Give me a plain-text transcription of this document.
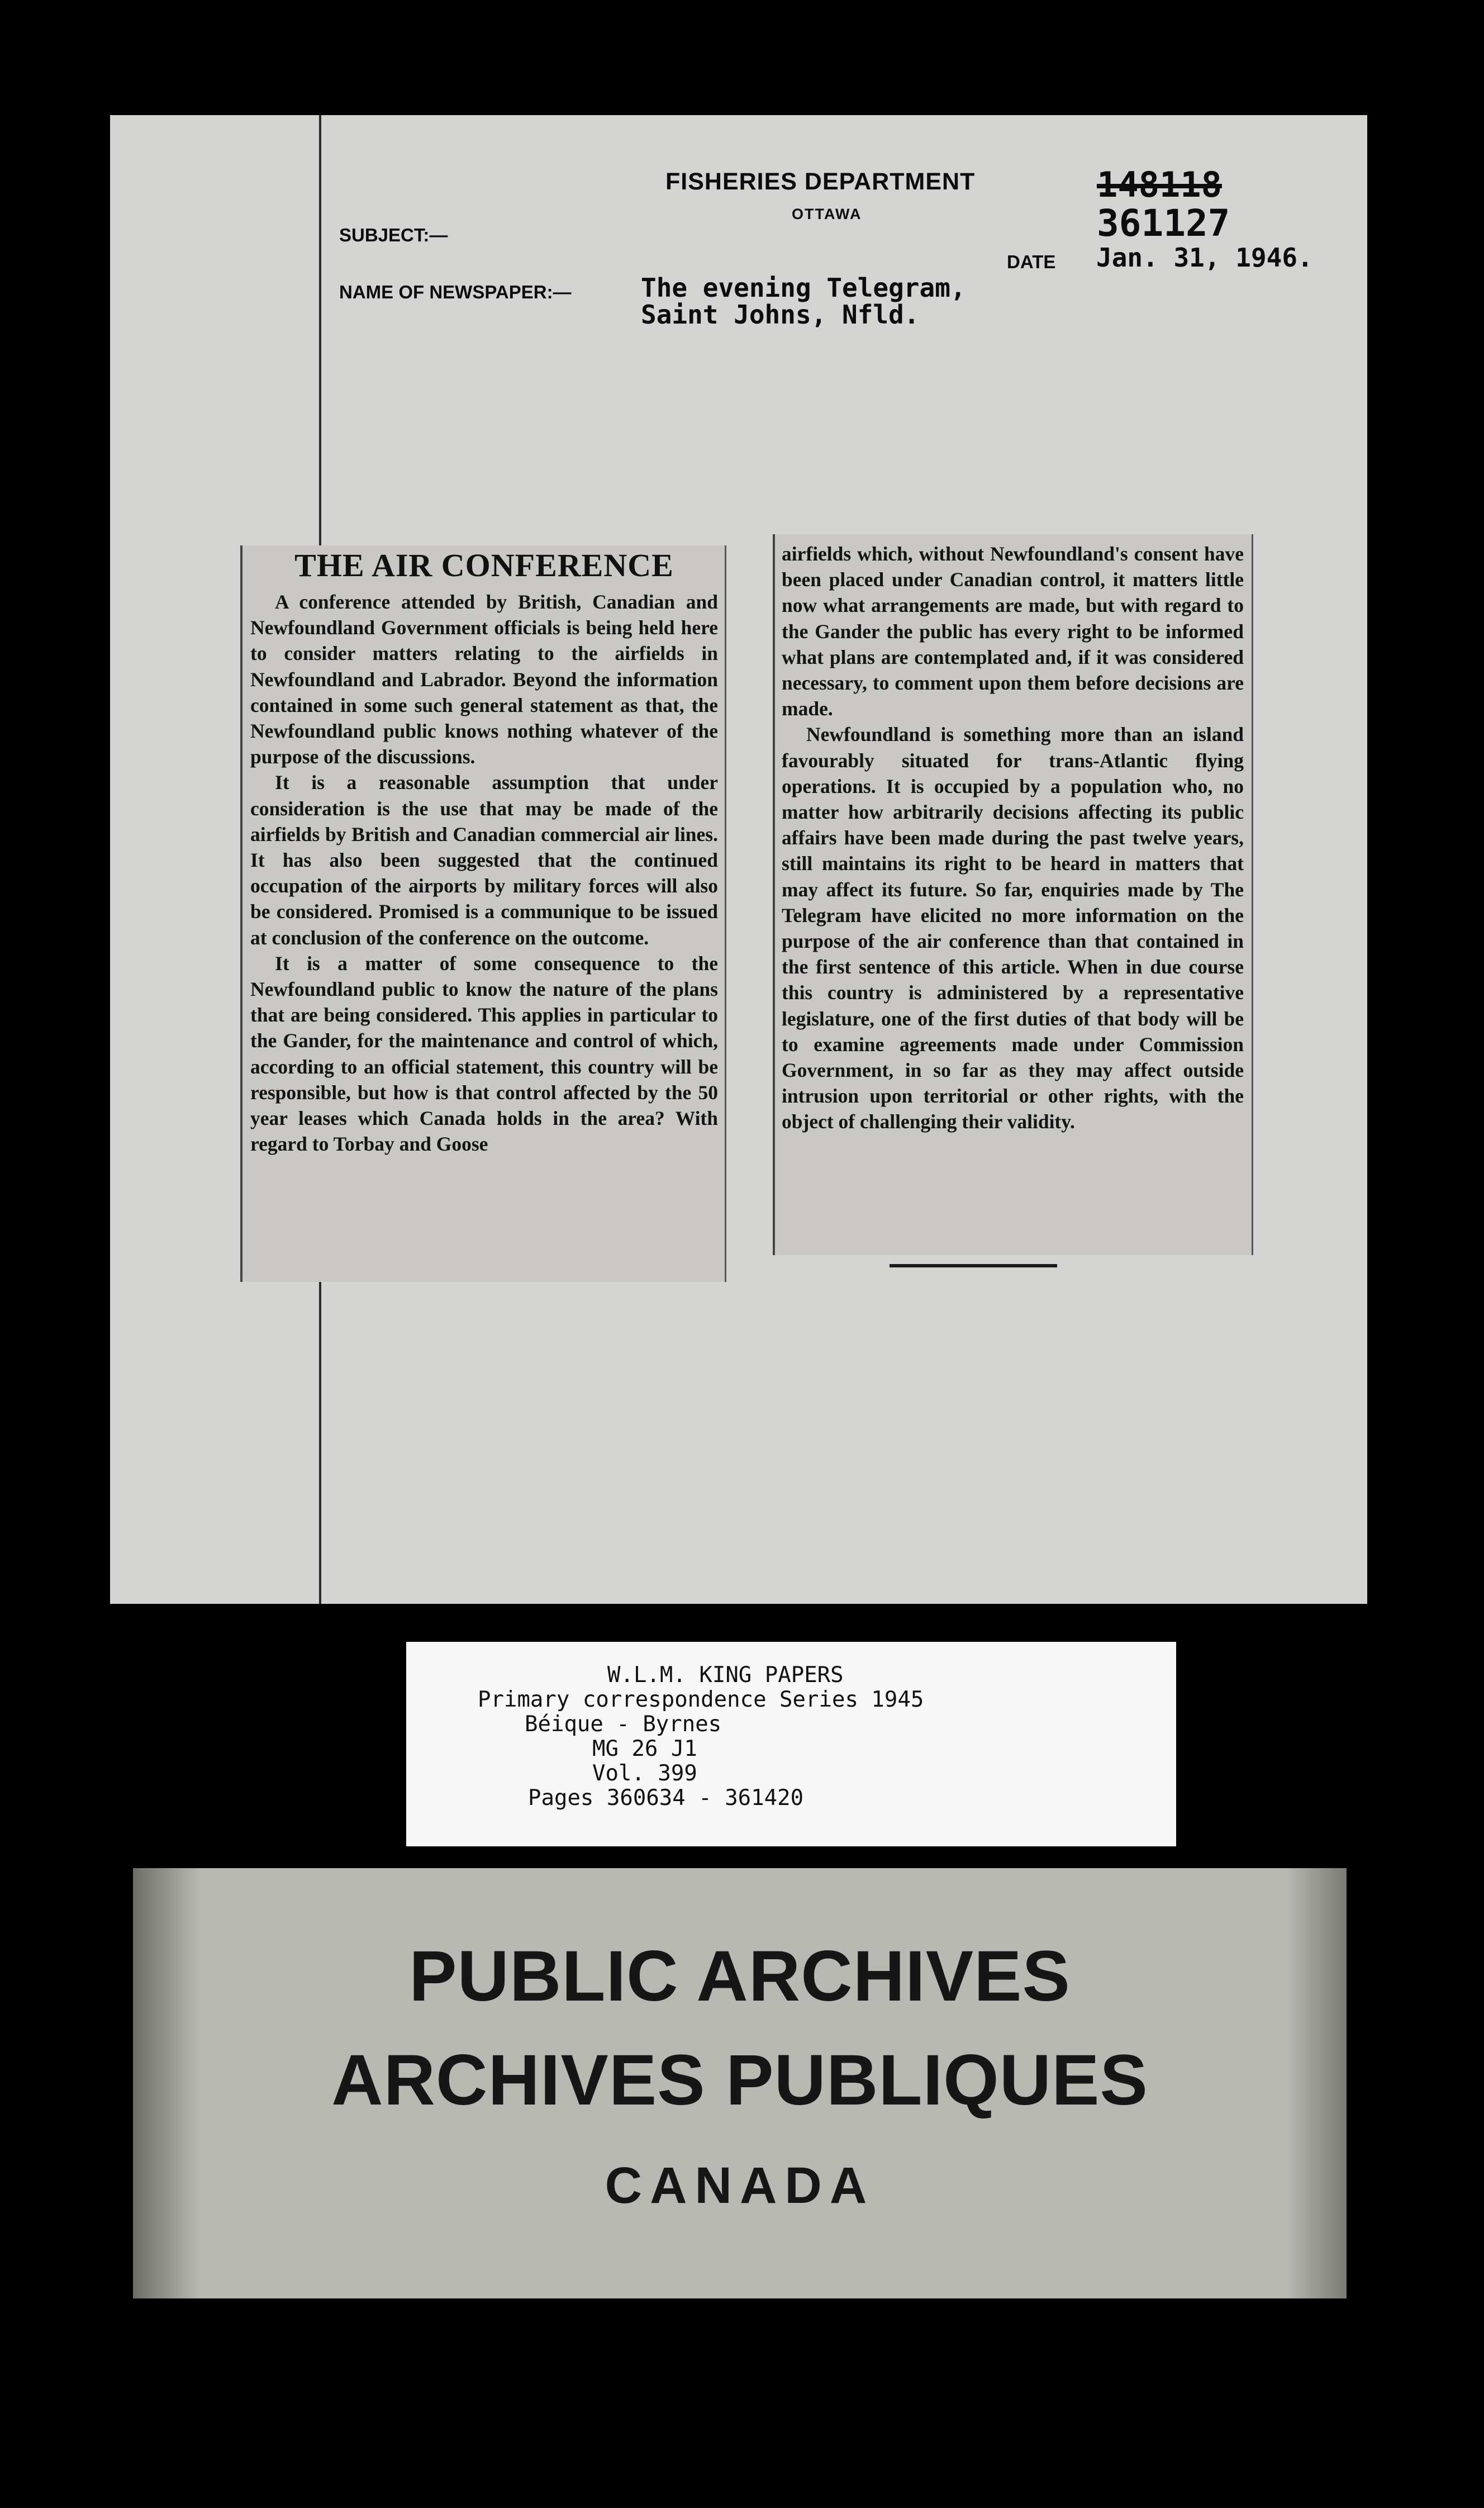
FISHERIES DEPARTMENT
OTTAWA
148118
361127
SUBJECT:—
DATE Jan. 31, 1946.
NAME OF NEWSPAPER:—	The evening Telegram,
Saint Johns, Nfld.
THE AIR CONFERENCE

A conference attended by British, Canadian and Newfoundland Government officials is being held here to consider matters relating to the airfields in Newfoundland and Labrador. Beyond the information contained in some such general statement as that, the Newfoundland public knows nothing whatever of the purpose of the discussions.

It is a reasonable assumption that under consideration is the use that may be made of the airfields by British and Canadian commercial air lines. It has also been suggested that the continued occupation of the airports by military forces will also be considered. Promised is a communique to be issued at conclusion of the conference on the outcome.

It is a matter of some consequence to the Newfoundland public to know the nature of the plans that are being considered. This applies in particular to the Gander, for the maintenance and control of which, according to an official statement, this country will be responsible, but how is that control affected by the 50 year leases which Canada holds in the area? With regard to Torbay and Goose

airfields which, without Newfoundland's consent have been placed under Canadian control, it matters little now what arrangements are made, but with regard to the Gander the public has every right to be informed what plans are contemplated and, if it was considered necessary, to comment upon them before decisions are made.

Newfoundland is something more than an island favourably situated for trans-Atlantic flying operations. It is occupied by a population who, no matter how arbitrarily decisions affecting its public affairs have been made during the past twelve years, still maintains its right to be heard in matters that may affect its future. So far, enquiries made by The Telegram have elicited no more information on the purpose of the air conference than that contained in the first sentence of this article. When in due course this country is administered by a representative legislature, one of the first duties of that body will be to examine agreements made under Commission Government, in so far as they may affect outside intrusion upon territorial or other rights, with the object of challenging their validity.

W.L.M. KING PAPERS
Primary correspondence Series 1945
Béique - Byrnes
MG 26 J1
Vol. 399
Pages 360634 - 361420
PUBLIC ARCHIVES
ARCHIVES PUBLIQUES
CANADA
